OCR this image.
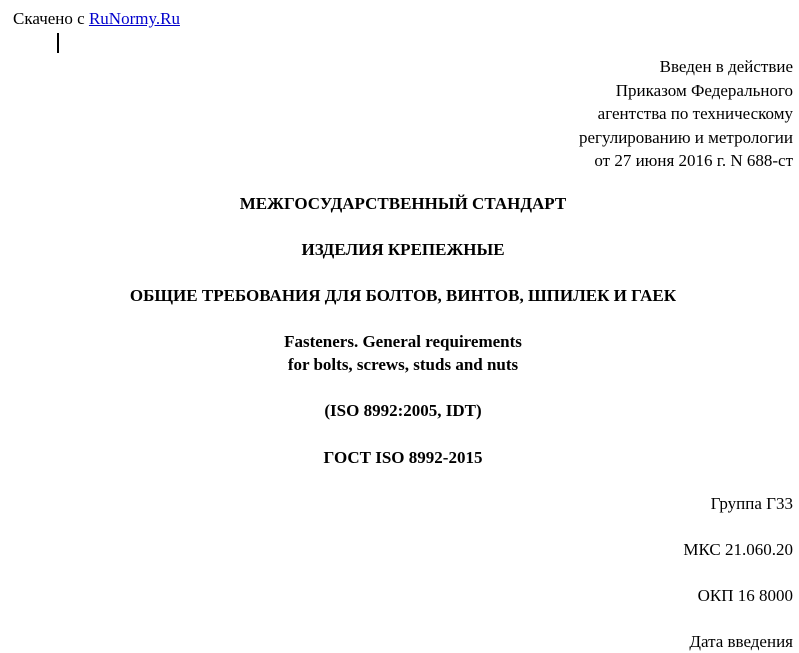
Скачено с RuNormy.Ru
Введен в действие
Приказом Федерального
агентства по техническому
регулированию и метрологии
от 27 июня 2016 г. N 688-ст
МЕЖГОСУДАРСТВЕННЫЙ СТАНДАРТ
ИЗДЕЛИЯ КРЕПЕЖНЫЕ
ОБЩИЕ ТРЕБОВАНИЯ ДЛЯ БОЛТОВ, ВИНТОВ, ШПИЛЕК И ГАЕК
Fasteners. General requirements
for bolts, screws, studs and nuts
(ISO 8992:2005, IDT)
ГОСТ ISO 8992-2015
Группа Г33
МКС 21.060.20
ОКП 16 8000
Дата введения
